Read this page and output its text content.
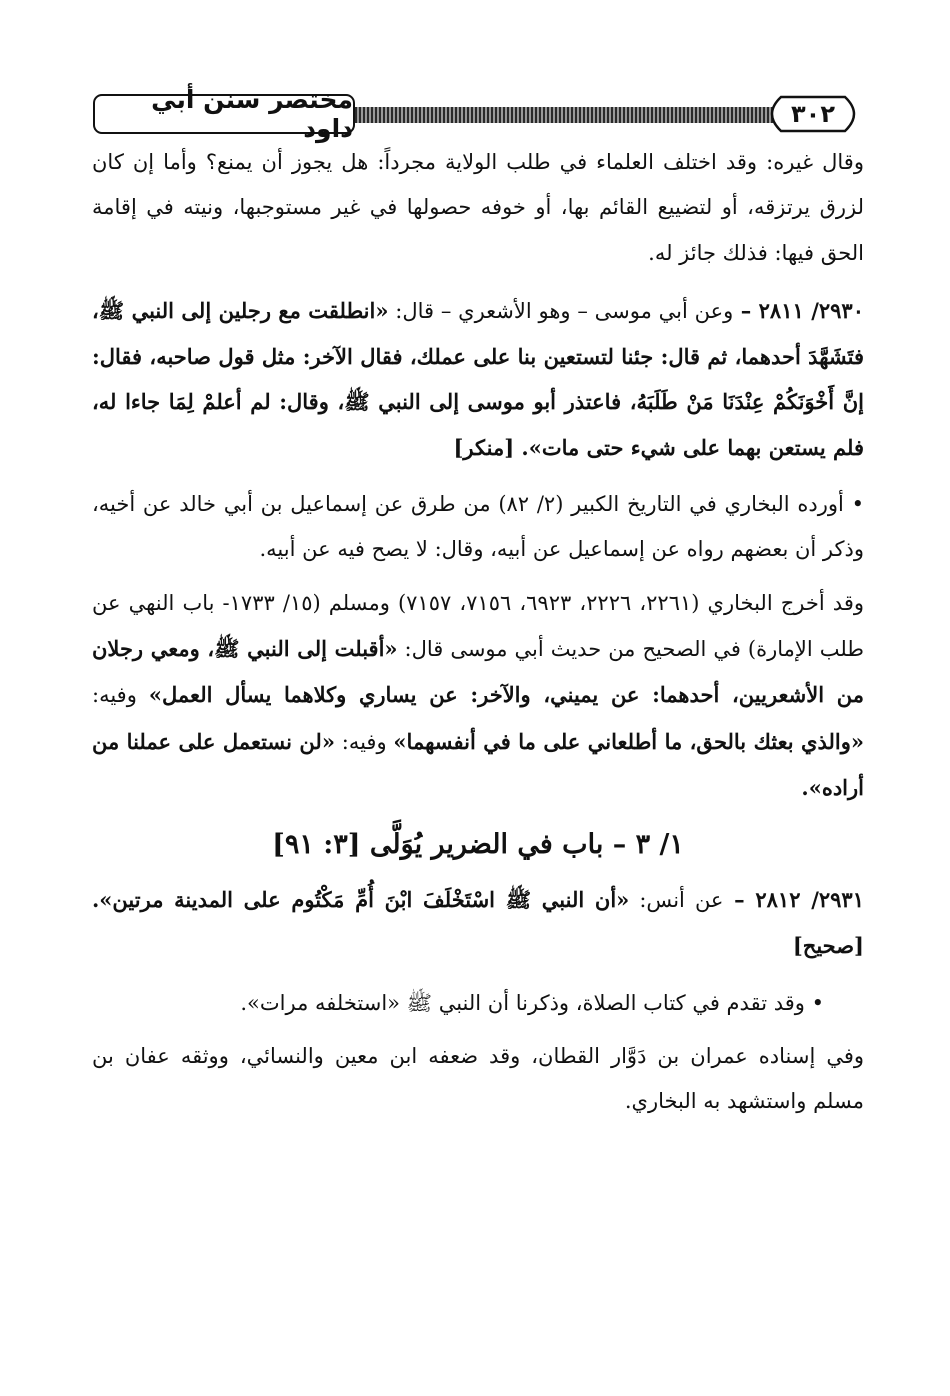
مختصر سنن أبي داود	٣٠٢

وقال غيره: وقد اختلف العلماء في طلب الولاية مجرداً: هل يجوز أن يمنع؟ وأما إن كان لزرق يرتزقه، أو لتضييع القائم بها، أو خوفه حصولها في غير مستوجبها، ونيته في إقامة الحق فيها: فذلك جائز له.

٢٩٣٠/ ٢٨١١ – وعن أبي موسى – وهو الأشعري – قال: «انطلقت مع رجلين إلى النبي ﷺ، فتَشَهَّدَ أحدهما، ثم قال: جئنا لتستعين بنا على عملك، فقال الآخر: مثل قول صاحبه، فقال: إنَّ أَخْوَنَكُمْ عِنْدَنَا مَنْ طَلَبَهُ، فاعتذر أبو موسى إلى النبي ﷺ، وقال: لم أعلمْ لِمَا جاءا له، فلم يستعن بهما على شيء حتى مات». [منكر]

• أورده البخاري في التاريخ الكبير (٢/ ٨٢) من طرق عن إسماعيل بن أبي خالد عن أخيه، وذكر أن بعضهم رواه عن إسماعيل عن أبيه، وقال: لا يصح فيه عن أبيه.

وقد أخرج البخاري (٢٢٦١، ٢٢٢٦، ٦٩٢٣، ٧١٥٦، ٧١٥٧) ومسلم (١٥/ ١٧٣٣- باب النهي عن طلب الإمارة) في الصحيح من حديث أبي موسى قال: «أقبلت إلى النبي ﷺ، ومعي رجلان من الأشعريين، أحدهما: عن يميني، والآخر: عن يساري وكلاهما يسأل العمل» وفيه: «والذي بعثك بالحق، ما أطلعاني على ما في أنفسهما» وفيه: «لن نستعمل على عملنا من أراده».

١/ ٣ – باب في الضرير يُوَلَّى [٣: ٩١]

٢٩٣١/ ٢٨١٢ – عن أنس: «أن النبي ﷺ اسْتَخْلَفَ ابْنَ أُمِّ مَكْتُوم على المدينة مرتين». [صحيح]

• وقد تقدم في كتاب الصلاة، وذكرنا أن النبي ﷺ «استخلفه مرات».

وفي إسناده عمران بن دَوَّار القطان، وقد ضعفه ابن معين والنسائي، ووثقه عفان بن مسلم واستشهد به البخاري.
